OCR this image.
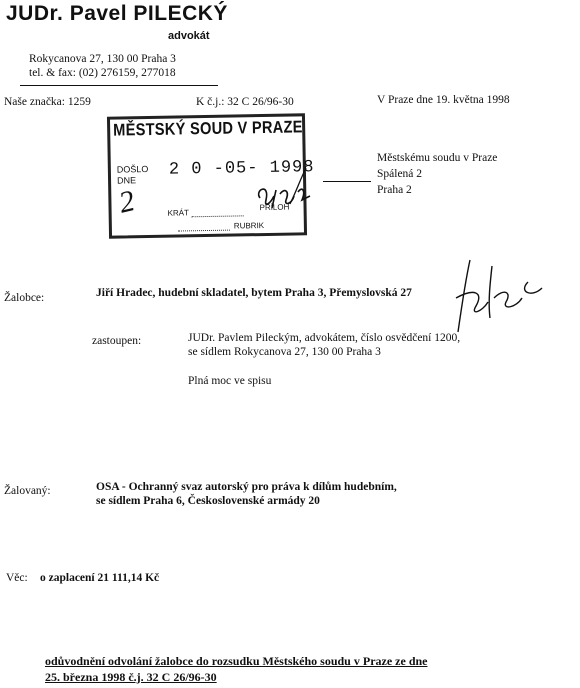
JUDr. Pavel PILECKÝ
advokát
Rokycanova 27, 130 00 Praha 3
tel. & fax: (02) 276159, 277018
Naše značka: 1259	K č.j.: 32 C 26/96-30	V Praze dne 19. května 1998
MĚSTSKÝ SOUD V PRAZE
DOŠLO
DNE
2 0 -05- 1998
2	KRÁT
PŘÍLOH
RUBRIK
Městskému soudu v Praze
Spálená 2
Praha 2
Žalobce:	Jiří Hradec, hudební skladatel, bytem Praha 3, Přemyslovská 27
zastoupen:	JUDr. Pavlem Pileckým, advokátem, číslo osvědčení 1200,
se sídlem Rokycanova 27, 130 00 Praha 3
Plná moc ve spisu
Žalovaný:	OSA - Ochranný svaz autorský pro práva k dílům hudebním,
se sídlem Praha 6, Československé armády 20
Věc: o zaplacení 21 111,14 Kč
odůvodnění odvolání žalobce do rozsudku Městského soudu v Praze ze dne
25. března 1998 č.j. 32 C 26/96-30
